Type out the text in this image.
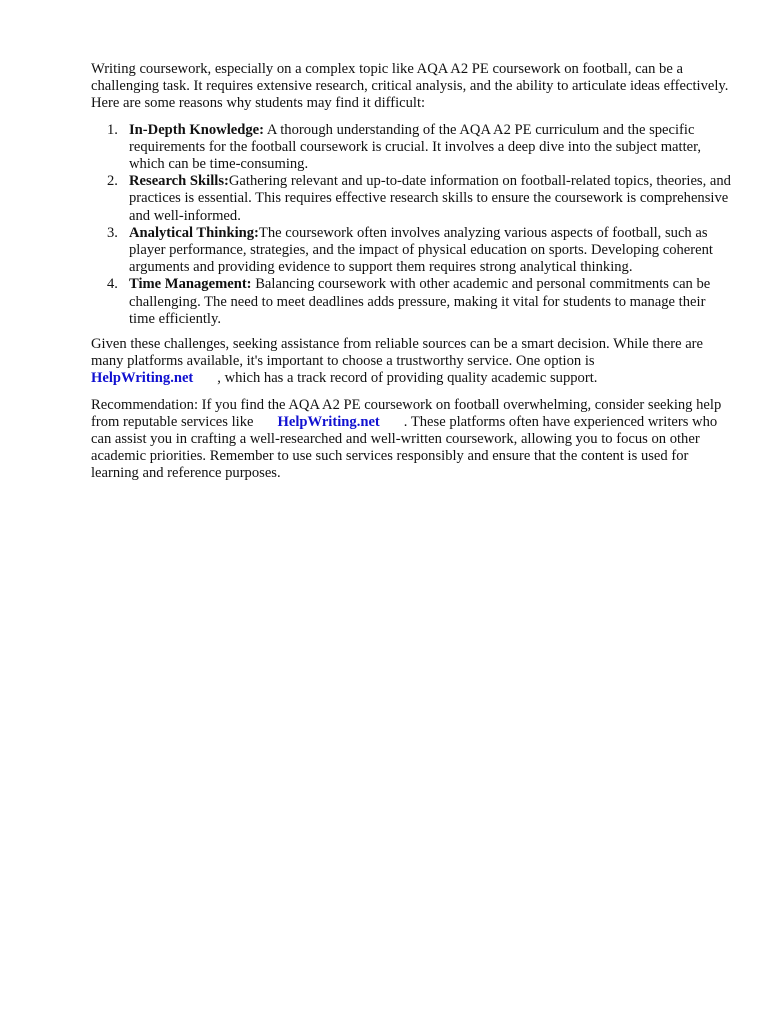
Writing coursework, especially on a complex topic like AQA A2 PE coursework on football, can be a challenging task. It requires extensive research, critical analysis, and the ability to articulate ideas effectively. Here are some reasons why students may find it difficult:

1. In-Depth Knowledge: A thorough understanding of the AQA A2 PE curriculum and the specific requirements for the football coursework is crucial. It involves a deep dive into the subject matter, which can be time-consuming.
2. Research Skills:Gathering relevant and up-to-date information on football-related topics, theories, and practices is essential. This requires effective research skills to ensure the coursework is comprehensive and well-informed.
3. Analytical Thinking:The coursework often involves analyzing various aspects of football, such as player performance, strategies, and the impact of physical education on sports. Developing coherent arguments and providing evidence to support them requires strong analytical thinking.
4. Time Management: Balancing coursework with other academic and personal commitments can be challenging. The need to meet deadlines adds pressure, making it vital for students to manage their time efficiently.

Given these challenges, seeking assistance from reliable sources can be a smart decision. While there are many platforms available, it's important to choose a trustworthy service. One option is
HelpWriting.net , which has a track record of providing quality academic support.

Recommendation: If you find the AQA A2 PE coursework on football overwhelming, consider seeking help from reputable services like HelpWriting.net . These platforms often have experienced writers who can assist you in crafting a well-researched and well-written coursework, allowing you to focus on other academic priorities. Remember to use such services responsibly and ensure that the content is used for learning and reference purposes.
